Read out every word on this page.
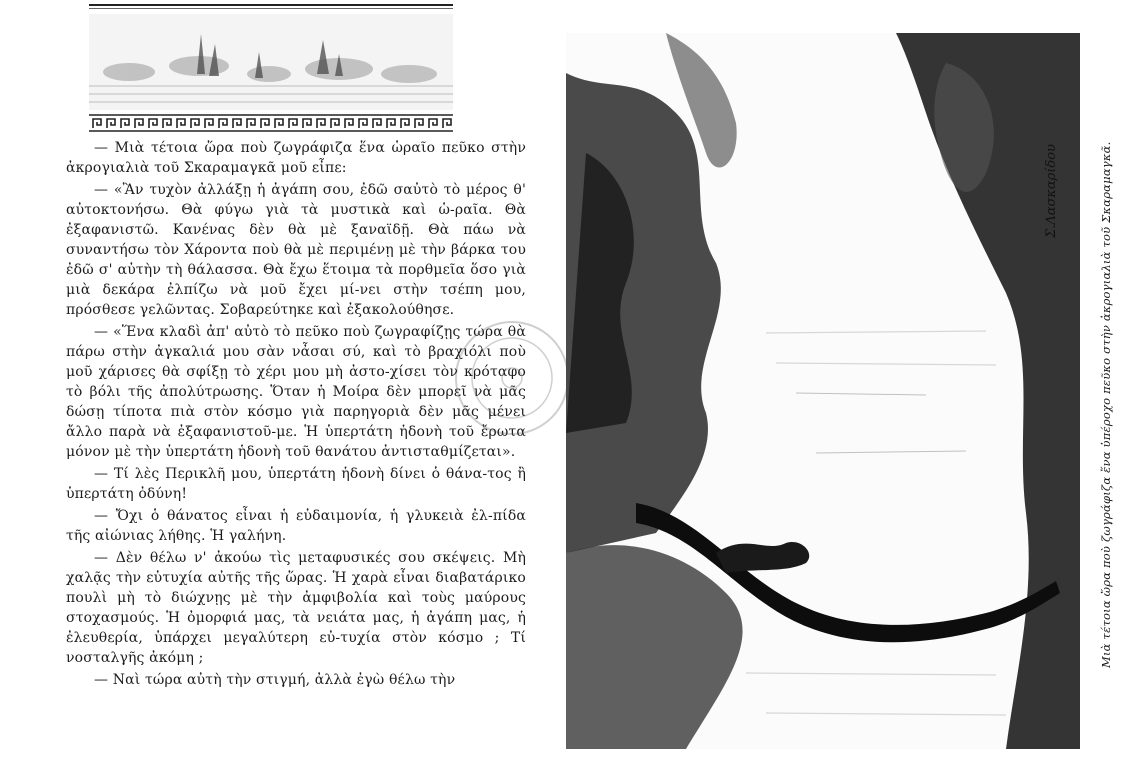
— Μιὰ τέτοια ὥρα ποὺ ζωγράφιζα ἕνα ὡραῖο πεῦκο στὴν ἀκρογιαλιὰ τοῦ Σκαραμαγκᾶ μοῦ εἶπε:

— «Ἂν τυχὸν ἀλλάξῃ ἡ ἀγάπη σου, ἐδῶ σαὐτὸ τὸ μέρος θ' αὐτοκτονήσω. Θὰ φύγω γιὰ τὰ μυστικὰ καὶ ὡ-ραῖα. Θὰ ἐξαφανιστῶ. Κανένας δὲν θὰ μὲ ξαναϊδῇ. Θὰ πάω νὰ συναντήσω τὸν Χάροντα ποὺ θὰ μὲ περιμένῃ μὲ τὴν βάρκα του ἐδῶ σ' αὐτὴν τὴ θάλασσα. Θὰ ἔχω ἕτοιμα τὰ πορθμεῖα ὅσο γιὰ μιὰ δεκάρα ἐλπίζω νὰ μοῦ ἔχει μί-νει στὴν τσέπη μου, πρόσθεσε γελῶντας. Σοβαρεύτηκε καὶ ἐξακολούθησε.

— «Ἕνα κλαδὶ ἀπ' αὐτὸ τὸ πεῦκο ποὺ ζωγραφίζῃς τώρα θὰ πάρω στὴν ἀγκαλιά μου σὰν νἆσαι σύ, καὶ τὸ βραχιόλι ποὺ μοῦ χάρισες θὰ σφίξῃ τὸ χέρι μου μὴ ἀστο-χίσει τὸν κρόταφο τὸ βόλι τῆς ἀπολύτρωσης. Ὅταν ἡ Μοίρα δὲν μπορεῖ νὰ μᾶς δώσῃ τίποτα πιὰ στὸν κόσμο γιὰ παρηγοριὰ δὲν μᾶς μένει ἄλλο παρὰ νὰ ἐξαφανιστοῦ-με. Ἡ ὑπερτάτη ἡδονὴ τοῦ ἔρωτα μόνον μὲ τὴν ὑπερτάτη ἡδονὴ τοῦ θανάτου ἀντισταθμίζεται».

— Τί λὲς Περικλῆ μου, ὑπερτάτη ἡδονὴ δίνει ὁ θάνα-τος ἢ ὑπερτάτη ὀδύνη!

— Ὄχι ὁ θάνατος εἶναι ἡ εὐδαιμονία, ἡ γλυκειὰ ἐλ-πίδα τῆς αἰώνιας λήθης. Ἡ γαλήνη.

— Δὲν θέλω ν' ἀκούω τὶς μεταφυσικές σου σκέψεις. Μὴ χαλᾷς τὴν εὐτυχία αὐτῆς τῆς ὥρας. Ἡ χαρὰ εἶναι διαβατάρικο πουλὶ μὴ τὸ διώχνῃς μὲ τὴν ἀμφιβολία καὶ τοὺς μαύρους στοχασμούς. Ἡ ὀμορφιά μας, τὰ νειάτα μας, ἡ ἀγάπη μας, ἡ ἐλευθερία, ὑπάρχει μεγαλύτερη εὐ-τυχία στὸν κόσμο ; Τί νοσταλγῆς ἀκόμη ;

— Ναὶ τώρα αὐτὴ τὴν στιγμή, ἀλλὰ ἐγὼ θέλω τὴν

Σ.Λασκαρίδου	Μιὰ τέτοια ὥρα ποὺ ζωγράφιζα ἕνα ὑπέροχο πεῦκο στὴν ἀκρογιαλιὰ τοῦ Σκαραμαγκᾶ.
